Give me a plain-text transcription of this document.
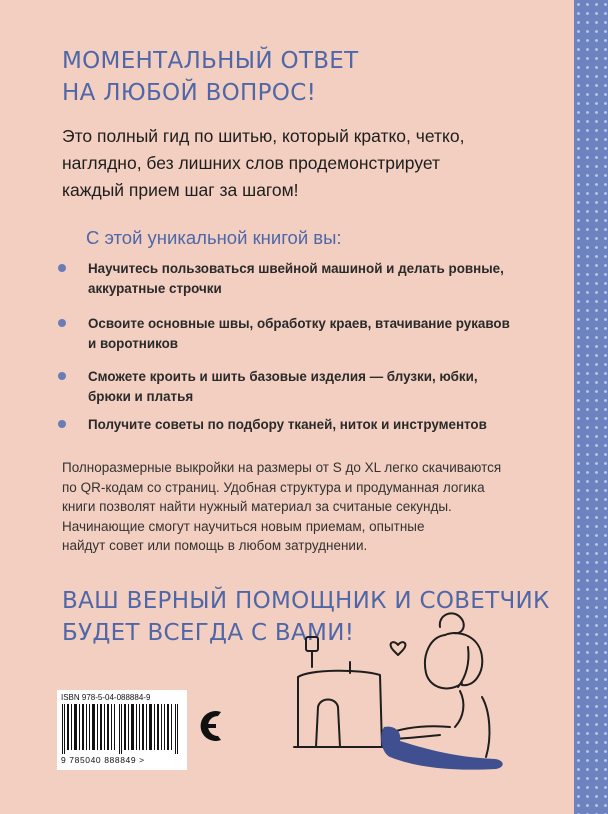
МОМЕНТАЛЬНЫЙ ОТВЕТ
НА ЛЮБОЙ ВОПРОС!

Это полный гид по шитью, который кратко, четко,
наглядно, без лишних слов продемонстрирует
каждый прием шаг за шагом!

С этой уникальной книгой вы:

Научитесь пользоваться швейной машиной и делать ровные,
аккуратные строчки
Освоите основные швы, обработку краев, втачивание рукавов
и воротников
Сможете кроить и шить базовые изделия — блузки, юбки,
брюки и платья
Получите советы по подбору тканей, ниток и инструментов

Полноразмерные выкройки на размеры от S до XL легко скачиваются
по QR-кодам со страниц. Удобная структура и продуманная логика
книги позволят найти нужный материал за считаные секунды.
Начинающие смогут научиться новым приемам, опытные
найдут совет или помощь в любом затруднении.

ВАШ ВЕРНЫЙ ПОМОЩНИК И СОВЕТЧИК
БУДЕТ ВСЕГДА С ВАМИ!
ISBN 978-5-04-088884-9
9 785040 888849 >
